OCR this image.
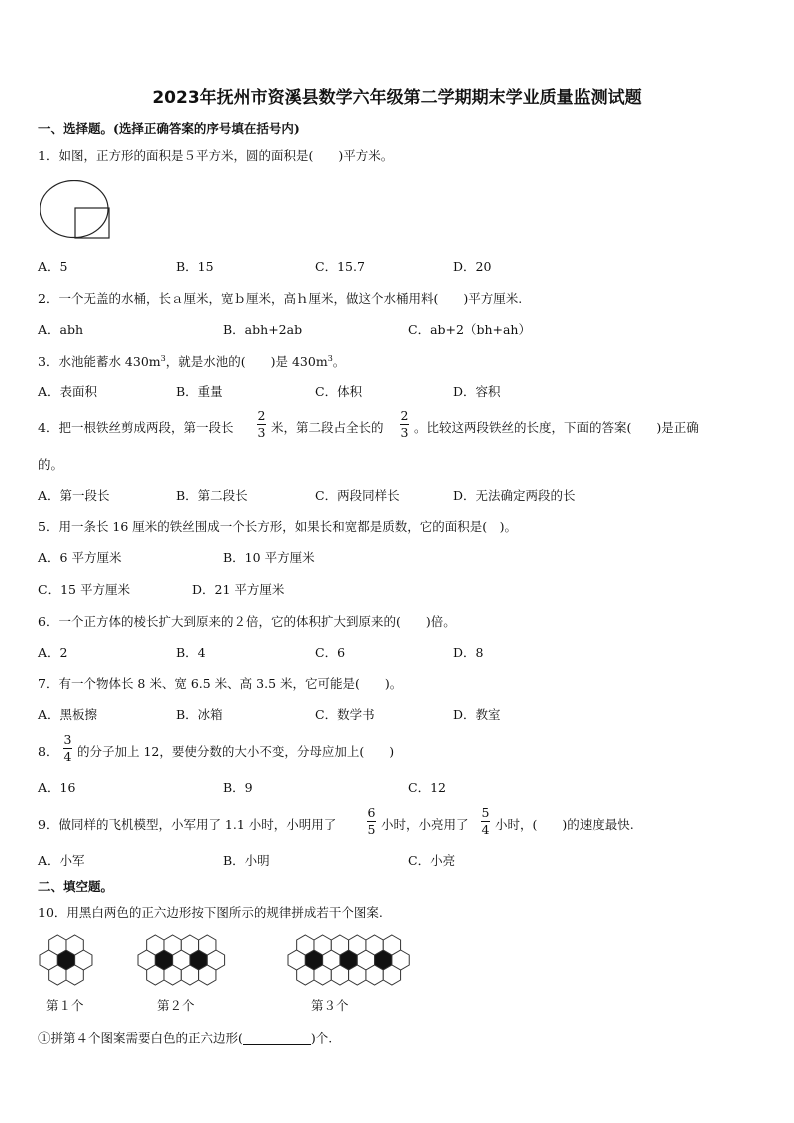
2023年抚州市资溪县数学六年级第二学期期末学业质量监测试题
一、选择题。(选择正确答案的序号填在括号内)
1．如图，正方形的面积是５平方米，圆的面积是(　　)平方米。
A．5	B．15	C．15.7	D．20
2．一个无盖的水桶，长ａ厘米，宽ｂ厘米，高ｈ厘米，做这个水桶用料(　　)平方厘米.
A．abh	B．abh+2ab	C．ab+2（bh+ah）
3．水池能蓄水 $430m^3$，就是水池的(　　)是 $430m^3$。
A．表面积	B．重量	C．体积	D．容积
4．把一根铁丝剪成两段，第一段长
2
3 米，第二段占全长的
2
3 。比较这两段铁丝的长度，下面的答案(　　)是正确
的。
A．第一段长	B．第二段长	C．两段同样长	D．无法确定两段的长
5．用一条长 16 厘米的铁丝围成一个长方形，如果长和宽都是质数，它的面积是(　)。
A．6 平方厘米	B．10 平方厘米
C．15 平方厘米	D．21 平方厘米
6．一个正方体的棱长扩大到原来的２倍，它的体积扩大到原来的(　　)倍。
A．2	B．4	C．6	D．8
7．有一个物体长 8 米、宽 6.5 米、高 3.5 米，它可能是(　　)。
A．黑板擦	B．冰箱	C．数学书	D．教室
8．
3
4 的分子加上 12，要使分数的大小不变，分母应加上(　　)
A．16	B．9	C．12
9．做同样的飞机模型，小军用了 1.1 小时，小明用了
6
5 小时，小亮用了
5
4 小时，(　　)的速度最快.
A．小军	B．小明	C．小亮
二、填空题。
10．用黑白两色的正六边形按下图所示的规律拼成若干个图案.
第１个	第２个	第３个
①拼第４个图案需要白色的正六边形(	)个.
